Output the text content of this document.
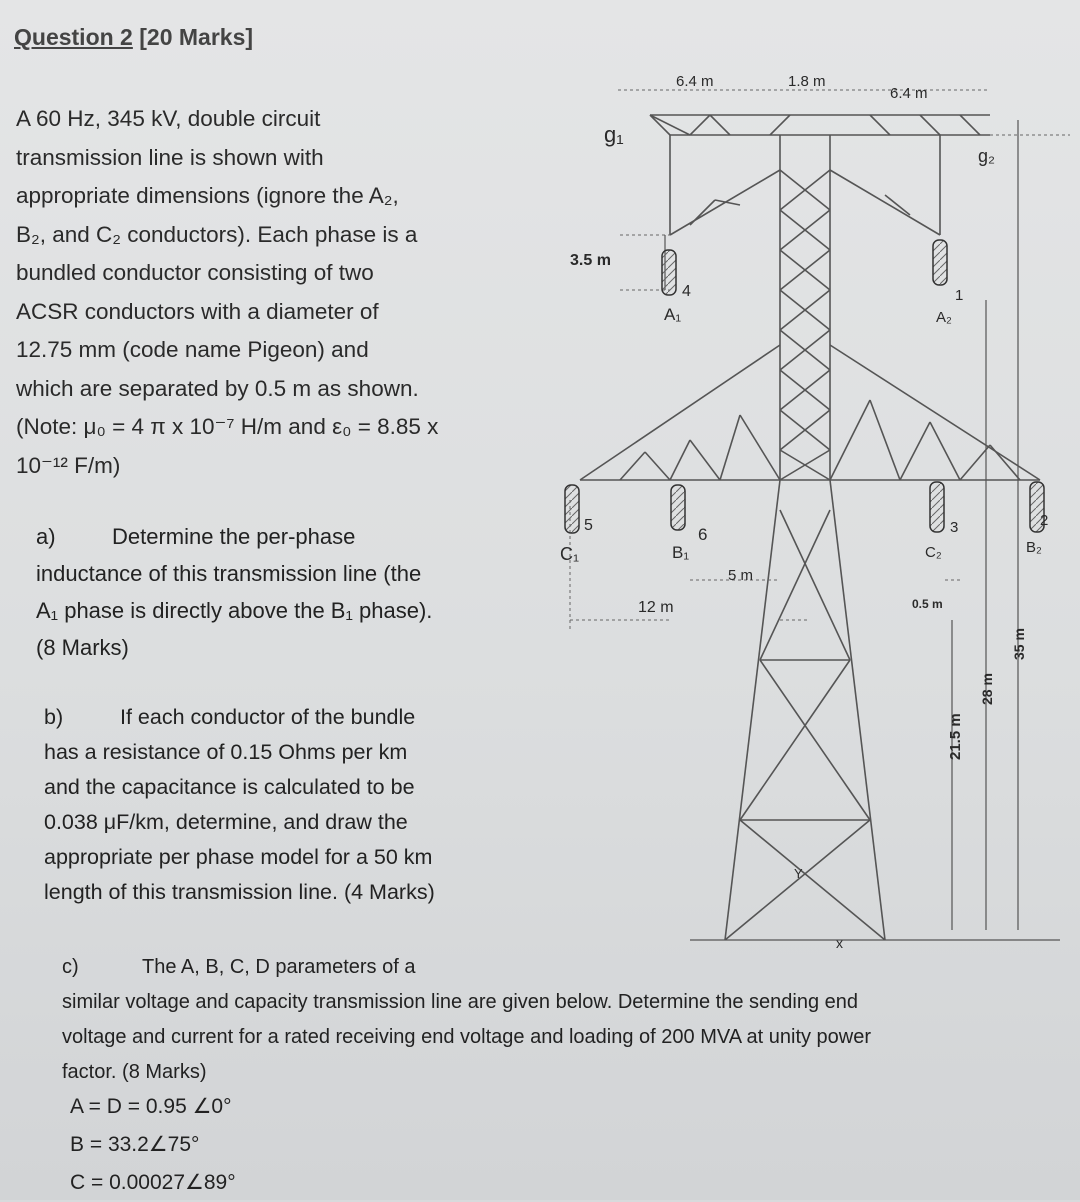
Question 2 [20 Marks]
A 60 Hz, 345 kV, double circuit
transmission line is shown with
appropriate dimensions (ignore the A₂,
B₂, and C₂ conductors). Each phase is a
bundled conductor consisting of two
ACSR conductors with a diameter of
12.75 mm (code name Pigeon) and
which are separated by 0.5 m as shown.
(Note: μ₀ = 4 π x 10⁻⁷ H/m and ε₀ = 8.85 x
10⁻¹² F/m)
a)	Determine the per-phase
inductance of this transmission line (the
A₁ phase is directly above the B₁ phase).
(8 Marks)
b)	If each conductor of the bundle
has a resistance of 0.15 Ohms per km
and the capacitance is calculated to be
0.038 μF/km, determine, and draw the
appropriate per phase model for a 50 km
length of this transmission line. (4 Marks)
c)	The A, B, C, D parameters of a
similar voltage and capacity transmission line are given below. Determine the sending end
voltage and current for a rated receiving end voltage and loading of 200 MVA at unity power
factor. (8 Marks)
A = D = 0.95 ∠0°
B = 33.2∠75°
C = 0.00027∠89°
6.4 m	1.8 m
6.4 m
g₁
g₂
3.5 m
A₁
4
A₂
1
C₁
5
B₁
6
C₂
3
B₂
2
12 m
5 m
0.5 m
21.5 m
28 m
35 m
Y
x
